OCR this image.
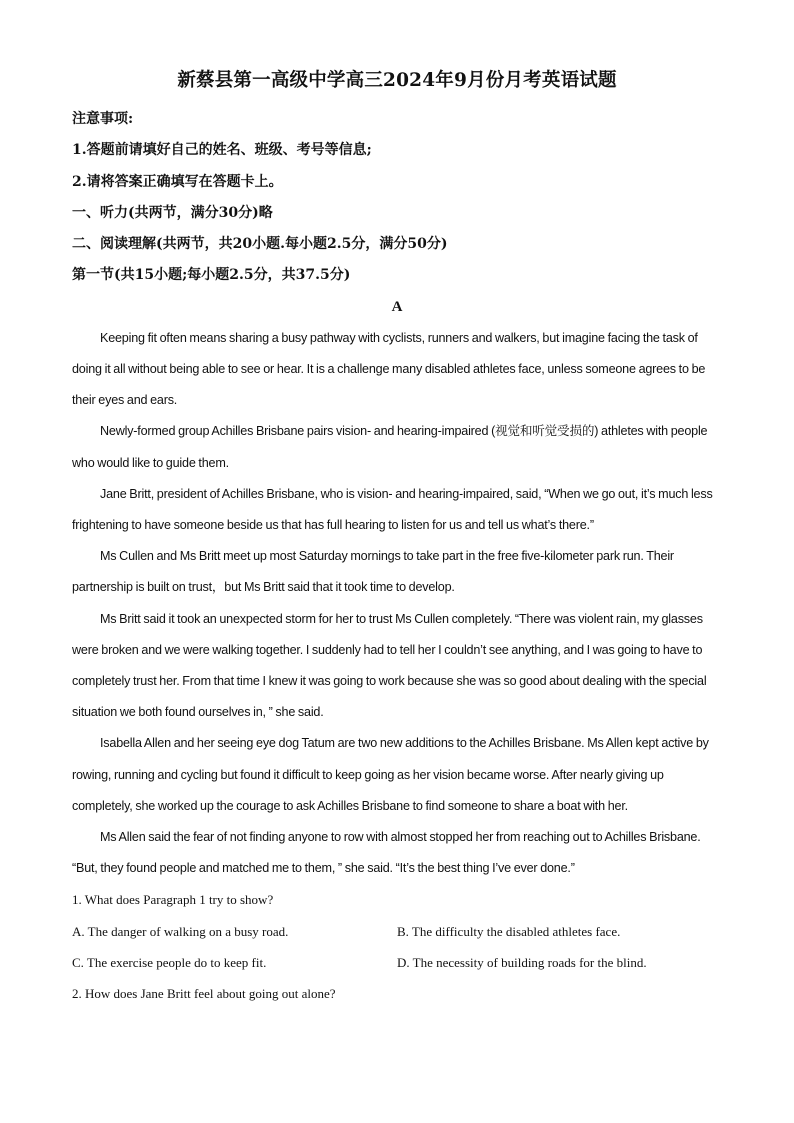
新蔡县第一高级中学高三2024年9月份月考英语试题
注意事项:
1.答题前请填好自己的姓名、班级、考号等信息;
2.请将答案正确填写在答题卡上。
一、听力(共两节，满分30分)略
二、阅读理解(共两节，共20小题.每小题2.5分，满分50分)
第一节(共15小题;每小题2.5分，共37.5分)
A

Keeping fit often means sharing a busy pathway with cyclists, runners and walkers, but imagine facing the task of doing it all without being able to see or hear. It is a challenge many disabled athletes face, unless someone agrees to be their eyes and ears.

Newly-formed group Achilles Brisbane pairs vision- and hearing-impaired (视觉和听觉受损的) athletes with people who would like to guide them.

Jane Britt, president of Achilles Brisbane, who is vision- and hearing-impaired, said, “When we go out, it’s much less frightening to have someone beside us that has full hearing to listen for us and tell us what’s there.”

Ms Cullen and Ms Britt meet up most Saturday mornings to take part in the free five-kilometer park run. Their partnership is built on trust，but Ms Britt said that it took time to develop.

Ms Britt said it took an unexpected storm for her to trust Ms Cullen completely. “There was violent rain, my glasses were broken and we were walking together. I suddenly had to tell her I couldn’t see anything, and I was going to have to completely trust her. From that time I knew it was going to work because she was so good about dealing with the special situation we both found ourselves in, ” she said.

Isabella Allen and her seeing eye dog Tatum are two new additions to the Achilles Brisbane. Ms Allen kept active by rowing, running and cycling but found it difficult to keep going as her vision became worse. After nearly giving up completely, she worked up the courage to ask Achilles Brisbane to find someone to share a boat with her.

Ms Allen said the fear of not finding anyone to row with almost stopped her from reaching out to Achilles Brisbane. “But, they found people and matched me to them, ” she said. “It’s the best thing I’ve ever done.”

1. What does Paragraph 1 try to show?
A. The danger of walking on a busy road.	B. The difficulty the disabled athletes face.
C. The exercise people do to keep fit.	D. The necessity of building roads for the blind.
2. How does Jane Britt feel about going out alone?
